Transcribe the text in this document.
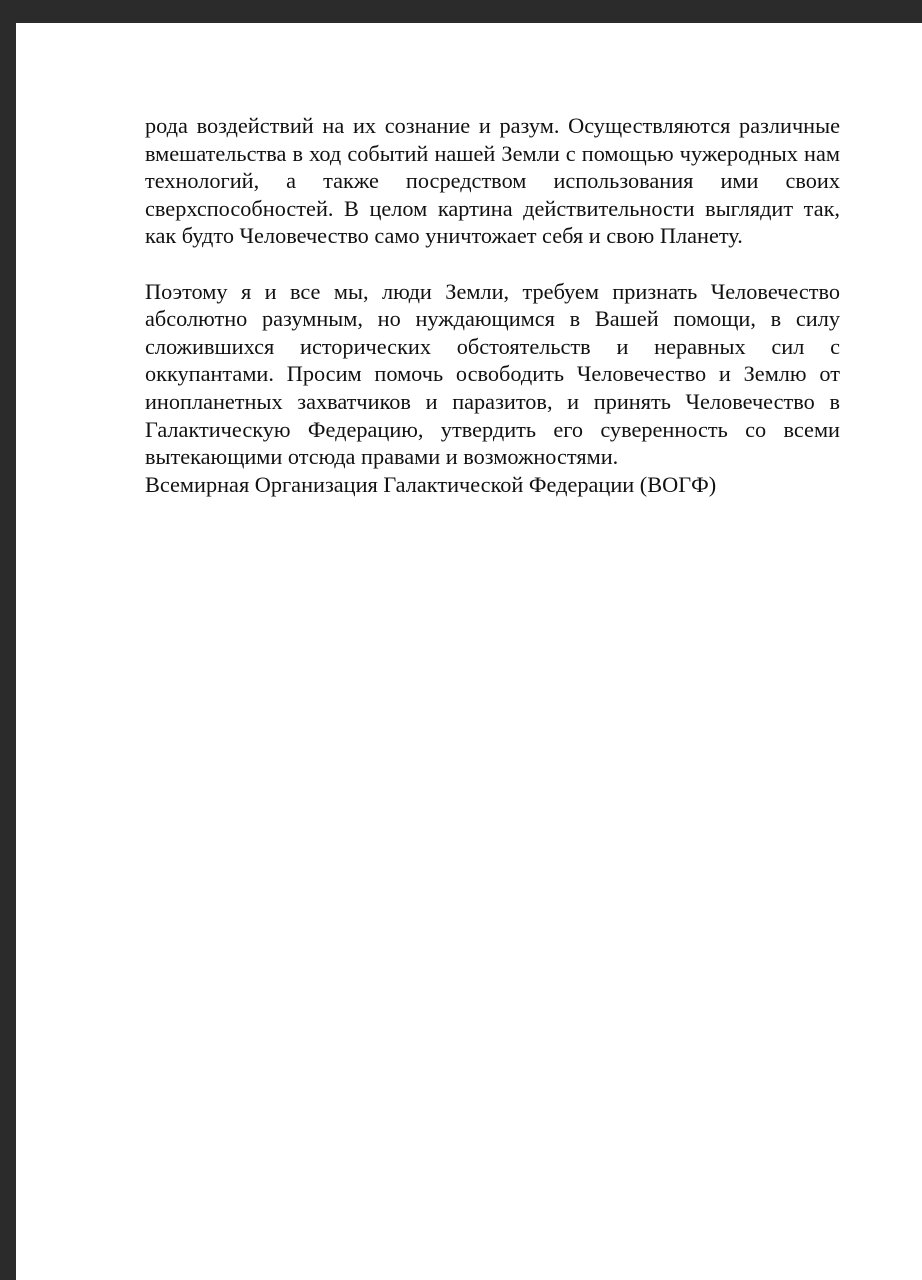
рода воздействий на их сознание и разум. Осуществляются различные вмешательства в ход событий нашей Земли с помощью чужеродных нам технологий, а также посредством использования ими своих сверхспособностей. В целом картина действительности выглядит так, как будто Человечество само уничтожает себя и свою Планету.

Поэтому я и все мы, люди Земли, требуем признать Человечество абсолютно разумным, но нуждающимся в Вашей помощи, в силу сложившихся исторических обстоятельств и неравных сил с оккупантами. Просим помочь освободить Человечество и Землю от инопланетных захватчиков и паразитов, и принять Человечество в Галактическую Федерацию, утвердить его суверенность со всеми вытекающими отсюда правами и возможностями.

Всемирная Организация Галактической Федерации (ВОГФ)
